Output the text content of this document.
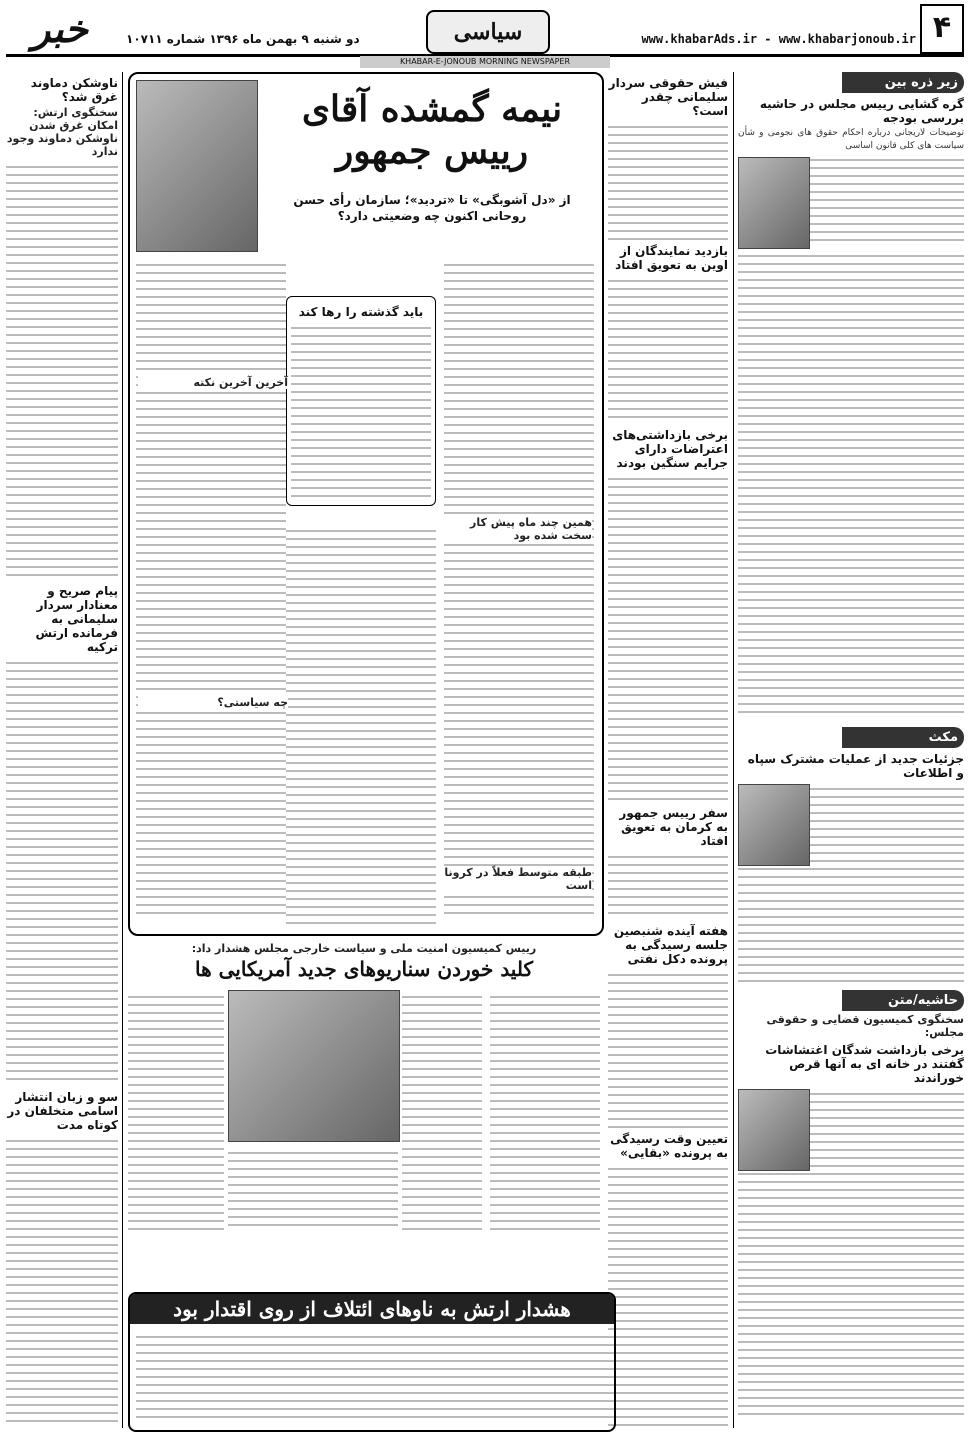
۴
www.khabarAds.ir - www.khabarjonoub.ir
سیاسی
دو شنبه ۹ بهمن ماه ۱۳۹۶ شماره ۱۰۷۱۱
خبر
KHABAR-E-JONOUB MORNING NEWSPAPER
زیر ذره بین
گره گشایی رییس مجلس در حاشیه بررسی بودجه
توضیحات لاریجانی درباره احکام حقوق های نجومی و شأن سیاست های کلی قانون اساسی
مکث
جزئیات جدید از عملیات مشترک سپاه و اطلاعات
حاشیه/متن
سخنگوی کمیسیون قضایی و حقوقی مجلس:
برخی بازداشت شدگان اغتشاشات گفتند در خانه ای به آنها قرص خوراندند
فیش حقوقی سردار سلیمانی چقدر است؟
بازدید نمایندگان از اوین به تعویق افتاد
برخی بازداشتی‌های اعتراضات دارای جرایم سنگین بودند
سفر رییس جمهور به کرمان به تعویق افتاد
هفته آینده شنبصین جلسه رسیدگی به پرونده دکل نفتی
تعیین وقت رسیدگی به پرونده «بقایی»
نیمه گمشده آقای رییس جمهور
از «دل آشوبگی» تا «تردید»؛ سازمان رأی حسن روحانی اکنون چه وضعیتی دارد؟
باید گذشته را رها کند
همین چند ماه پیش کار سخت شده بود
طبقه متوسط فعلاً در کرونا است
آخرین آخرین نکته
چه سیاستی؟
رییس کمیسیون امنیت ملی و سیاست خارجی مجلس هشدار داد:
کلید خوردن سناریوهای جدید آمریکایی ها
هشدار ارتش به ناوهای ائتلاف از روی اقتدار بود
ناوشکن دماوند غرق شد؟
سخنگوی ارتش: امکان غرق شدن ناوشکن دماوند وجود ندارد
پیام صریح و معنادار سردار سلیمانی به فرمانده ارتش ترکیه
سو و زبان انتشار اسامی متخلفان در کوتاه مدت
